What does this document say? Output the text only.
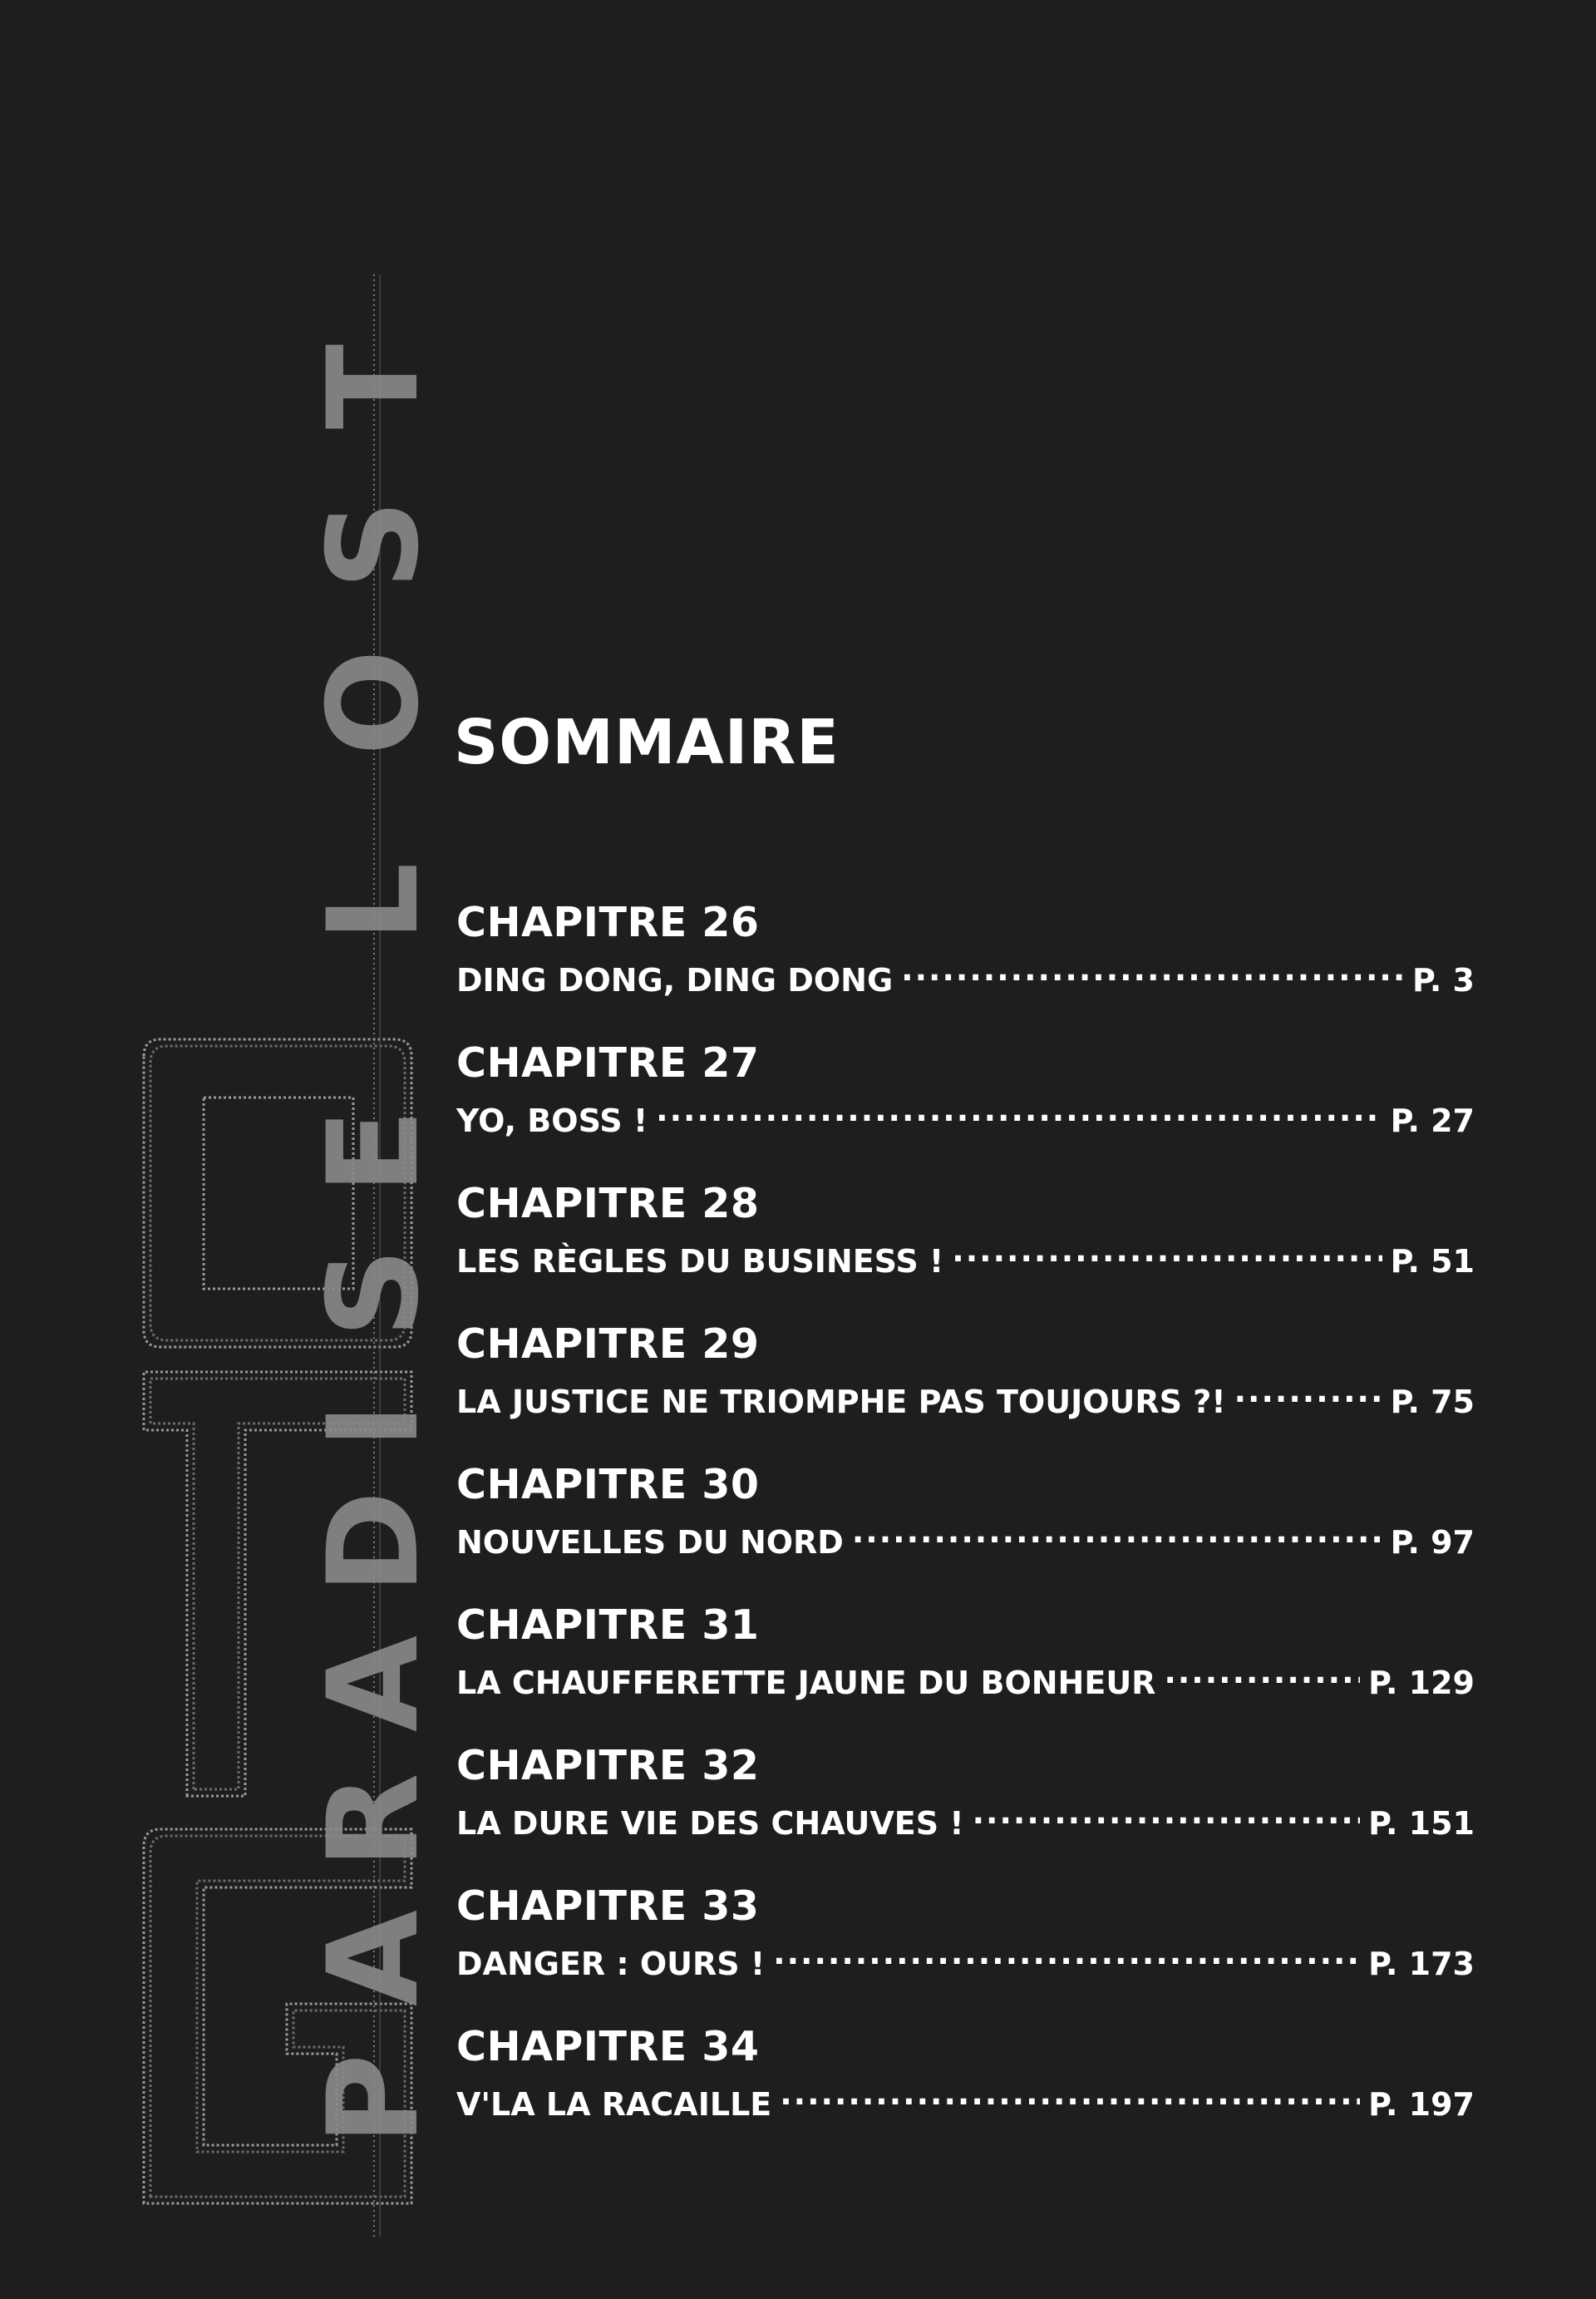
P
A
R
A
D
I
S
E
L
O
S
T
SOMMAIRE
CHAPITRE 26
DING DONG, DING DONG .....	P. 3
CHAPITRE 27
YO, BOSS ! .....	P. 27
CHAPITRE 28
LES RÈGLES DU BUSINESS ! .....	P. 51
CHAPITRE 29
LA JUSTICE NE TRIOMPHE PAS TOUJOURS ?! .....	P. 75
CHAPITRE 30
NOUVELLES DU NORD .....	P. 97
CHAPITRE 31
LA CHAUFFERETTE JAUNE DU BONHEUR .....	P. 129
CHAPITRE 32
LA DURE VIE DES CHAUVES ! .....	P. 151
CHAPITRE 33
DANGER : OURS ! .....	P. 173
CHAPITRE 34
V'LA LA RACAILLE .....	P. 197
